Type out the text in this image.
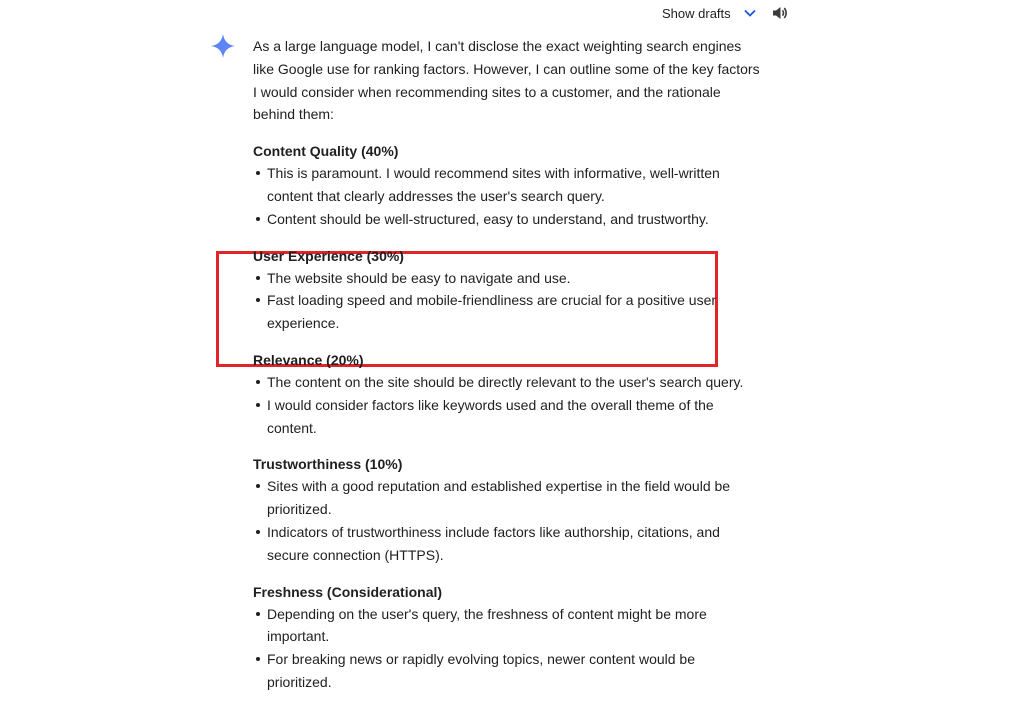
Show drafts

As a large language model, I can't disclose the exact weighting search engines like Google use for ranking factors. However, I can outline some of the key factors I would consider when recommending sites to a customer, and the rationale behind them:

Content Quality (40%)

This is paramount. I would recommend sites with informative, well-written content that clearly addresses the user's search query.
Content should be well-structured, easy to understand, and trustworthy.

User Experience (30%)

The website should be easy to navigate and use.
Fast loading speed and mobile-friendliness are crucial for a positive user experience.

Relevance (20%)

The content on the site should be directly relevant to the user's search query.
I would consider factors like keywords used and the overall theme of the content.

Trustworthiness (10%)

Sites with a good reputation and established expertise in the field would be prioritized.
Indicators of trustworthiness include factors like authorship, citations, and secure connection (HTTPS).

Freshness (Considerational)

Depending on the user's query, the freshness of content might be more important.
For breaking news or rapidly evolving topics, newer content would be prioritized.
